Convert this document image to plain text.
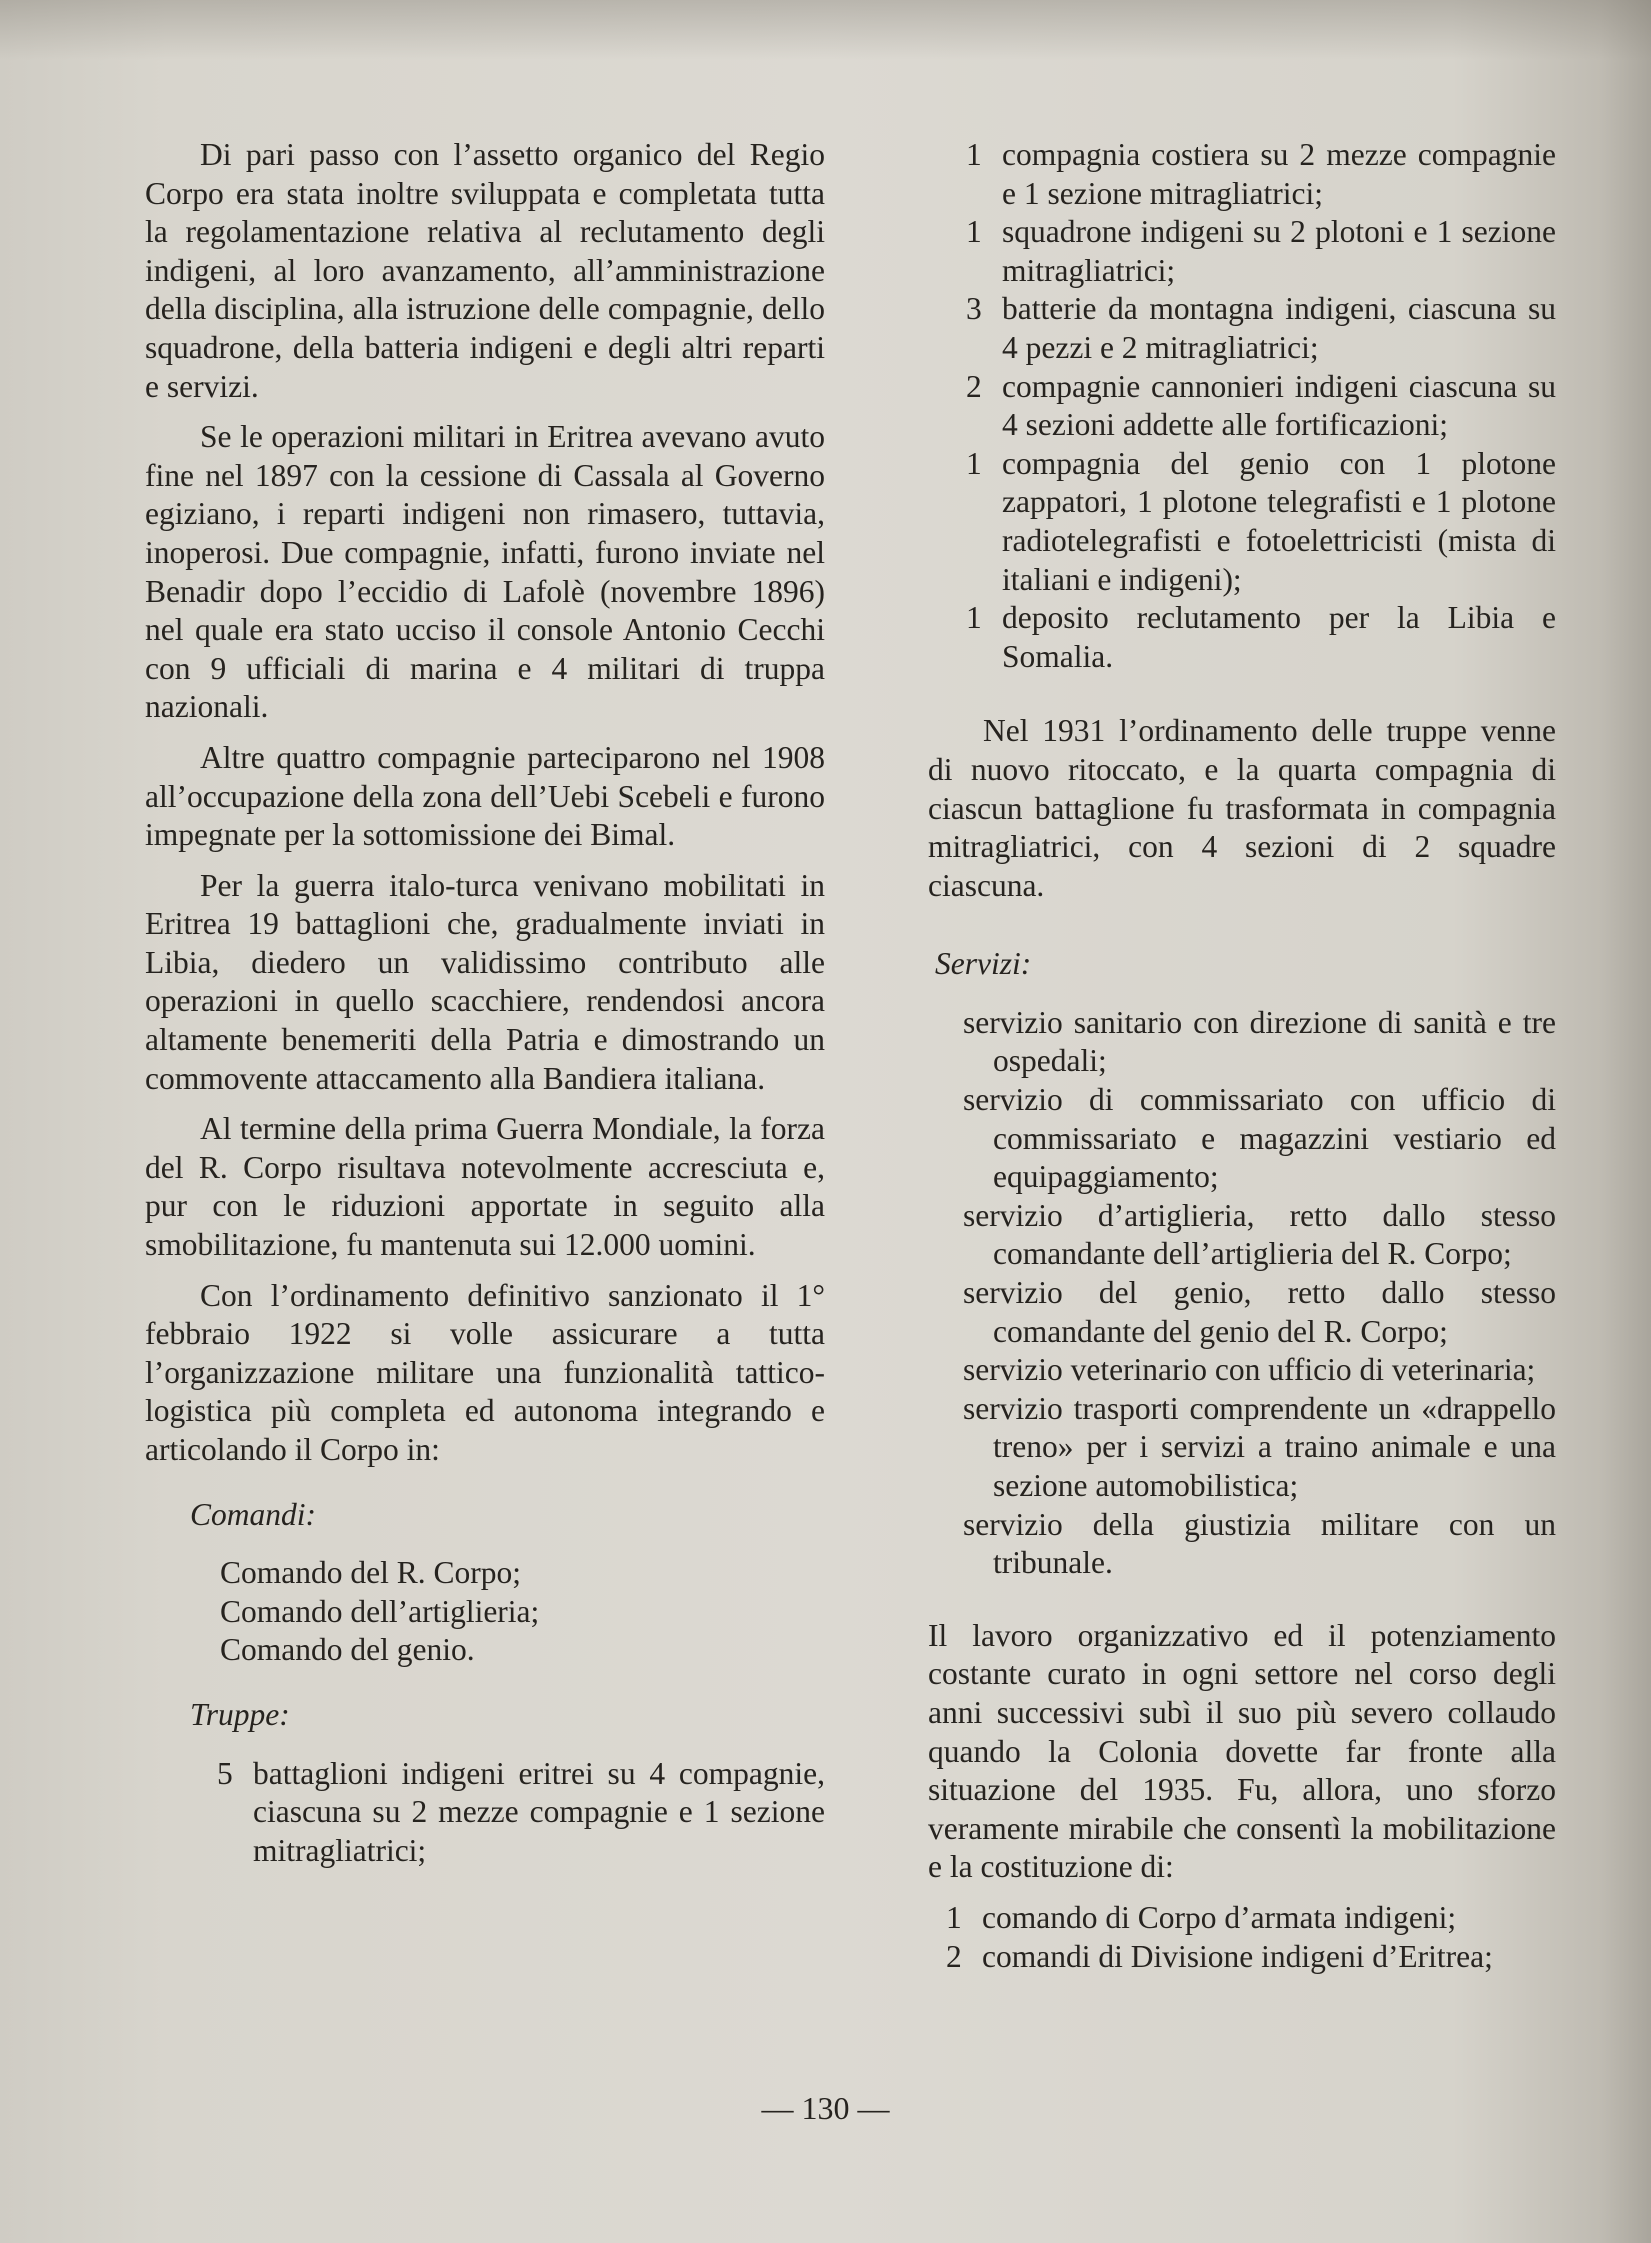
Di pari passo con l’assetto organico del Regio Corpo era stata inoltre sviluppata e completata tutta la regolamentazione relativa al reclutamento degli indigeni, al loro avanzamento, all’amministrazione della disciplina, alla istruzione delle compagnie, dello squadrone, della batteria indigeni e degli altri reparti e servizi.

Se le operazioni militari in Eritrea avevano avuto fine nel 1897 con la cessione di Cassala al Governo egiziano, i reparti indigeni non rimasero, tuttavia, inoperosi. Due compagnie, infatti, furono inviate nel Benadir dopo l’eccidio di Lafolè (novembre 1896) nel quale era stato ucciso il console Antonio Cecchi con 9 ufficiali di marina e 4 militari di truppa nazionali.

Altre quattro compagnie parteciparono nel 1908 all’occupazione della zona dell’Uebi Scebeli e furono impegnate per la sottomissione dei Bimal.

Per la guerra italo-turca venivano mobilitati in Eritrea 19 battaglioni che, gradualmente inviati in Libia, diedero un validissimo contributo alle operazioni in quello scacchiere, rendendosi ancora altamente benemeriti della Patria e dimostrando un commovente attaccamento alla Bandiera italiana.

Al termine della prima Guerra Mondiale, la forza del R. Corpo risultava notevolmente accresciuta e, pur con le riduzioni apportate in seguito alla smobilitazione, fu mantenuta sui 12.000 uomini.

Con l’ordinamento definitivo sanzionato il 1° febbraio 1922 si volle assicurare a tutta l’organizzazione militare una funzionalità tattico-logistica più completa ed autonoma integrando e articolando il Corpo in:

Comandi:
Comando del R. Corpo;
Comando dell’artiglieria;
Comando del genio.
Truppe:
5 battaglioni indigeni eritrei su 4 compagnie, ciascuna su 2 mezze compagnie e 1 sezione mitragliatrici;
1 compagnia costiera su 2 mezze compagnie e 1 sezione mitragliatrici;
1 squadrone indigeni su 2 plotoni e 1 sezione mitragliatrici;
3 batterie da montagna indigeni, ciascuna su 4 pezzi e 2 mitragliatrici;
2 compagnie cannonieri indigeni ciascuna su 4 sezioni addette alle fortificazioni;
1 compagnia del genio con 1 plotone zappatori, 1 plotone telegrafisti e 1 plotone radiotelegrafisti e fotoelettricisti (mista di italiani e indigeni);
1 deposito reclutamento per la Libia e Somalia.

Nel 1931 l’ordinamento delle truppe venne di nuovo ritoccato, e la quarta compagnia di ciascun battaglione fu trasformata in compagnia mitragliatrici, con 4 sezioni di 2 squadre ciascuna.

Servizi:
servizio sanitario con direzione di sanità e tre ospedali;
servizio di commissariato con ufficio di commissariato e magazzini vestiario ed equipaggiamento;
servizio d’artiglieria, retto dallo stesso comandante dell’artiglieria del R. Corpo;
servizio del genio, retto dallo stesso comandante del genio del R. Corpo;
servizio veterinario con ufficio di veterinaria;
servizio trasporti comprendente un «drappello treno» per i servizi a traino animale e una sezione automobilistica;
servizio della giustizia militare con un tribunale.

Il lavoro organizzativo ed il potenziamento costante curato in ogni settore nel corso degli anni successivi subì il suo più severo collaudo quando la Colonia dovette far fronte alla situazione del 1935. Fu, allora, uno sforzo veramente mirabile che consentì la mobilitazione e la costituzione di:

1 comando di Corpo d’armata indigeni;
2 comandi di Divisione indigeni d’Eritrea;
— 130 —
